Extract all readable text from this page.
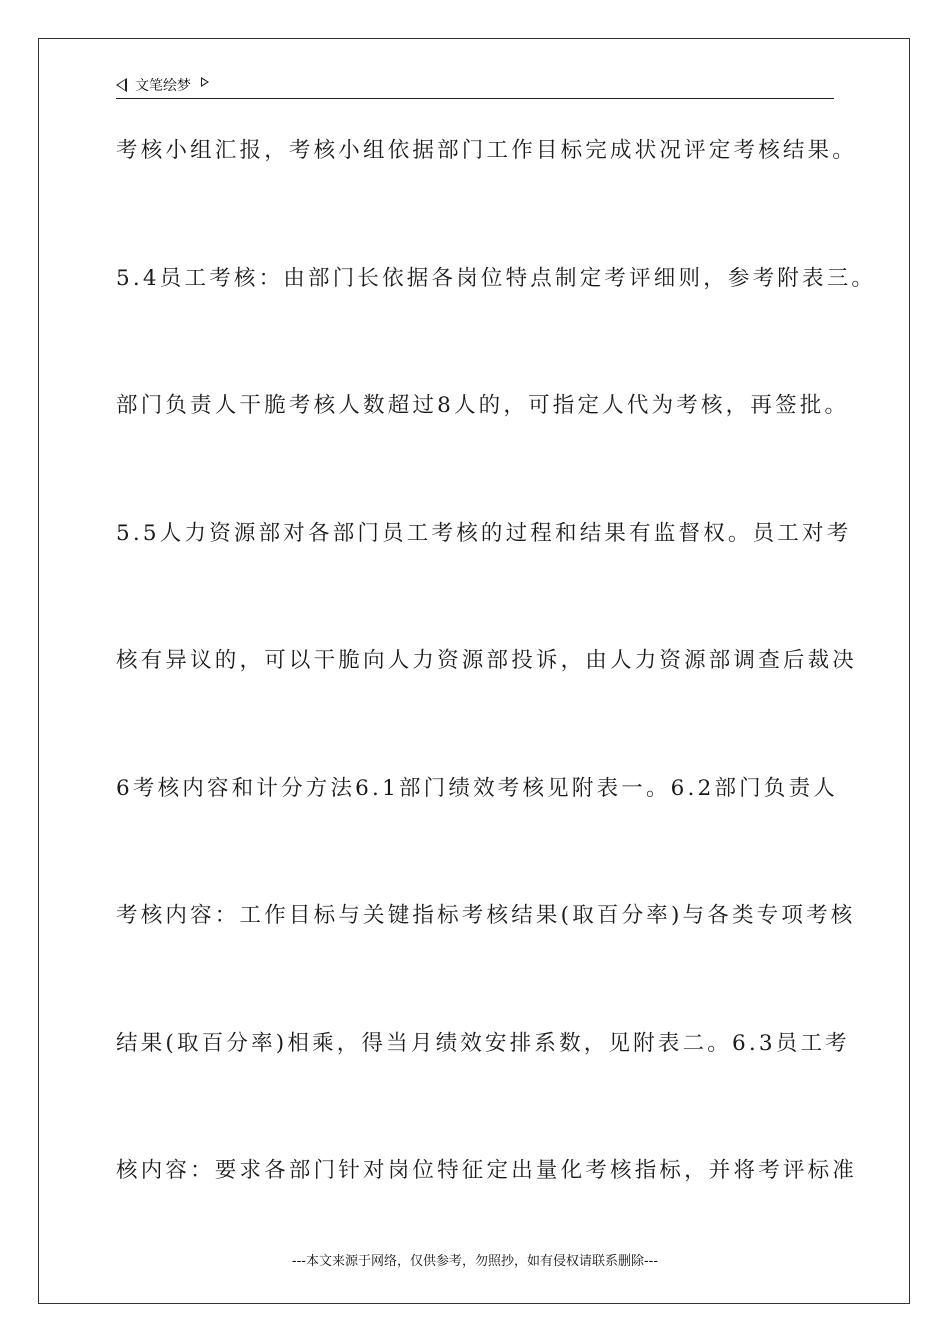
文笔绘梦
考核小组汇报，考核小组依据部门工作目标完成状况评定考核结果。
5.4员工考核：由部门长依据各岗位特点制定考评细则，参考附表三。
部门负责人干脆考核人数超过8人的，可指定人代为考核，再签批。
5.5人力资源部对各部门员工考核的过程和结果有监督权。员工对考
核有异议的，可以干脆向人力资源部投诉，由人力资源部调查后裁决
6考核内容和计分方法6.1部门绩效考核见附表一。6.2部门负责人
考核内容：工作目标与关键指标考核结果(取百分率)与各类专项考核
结果(取百分率)相乘，得当月绩效安排系数，见附表二。6.3员工考
核内容：要求各部门针对岗位特征定出量化考核指标，并将考评标准
---本文来源于网络，仅供参考，勿照抄，如有侵权请联系删除---
